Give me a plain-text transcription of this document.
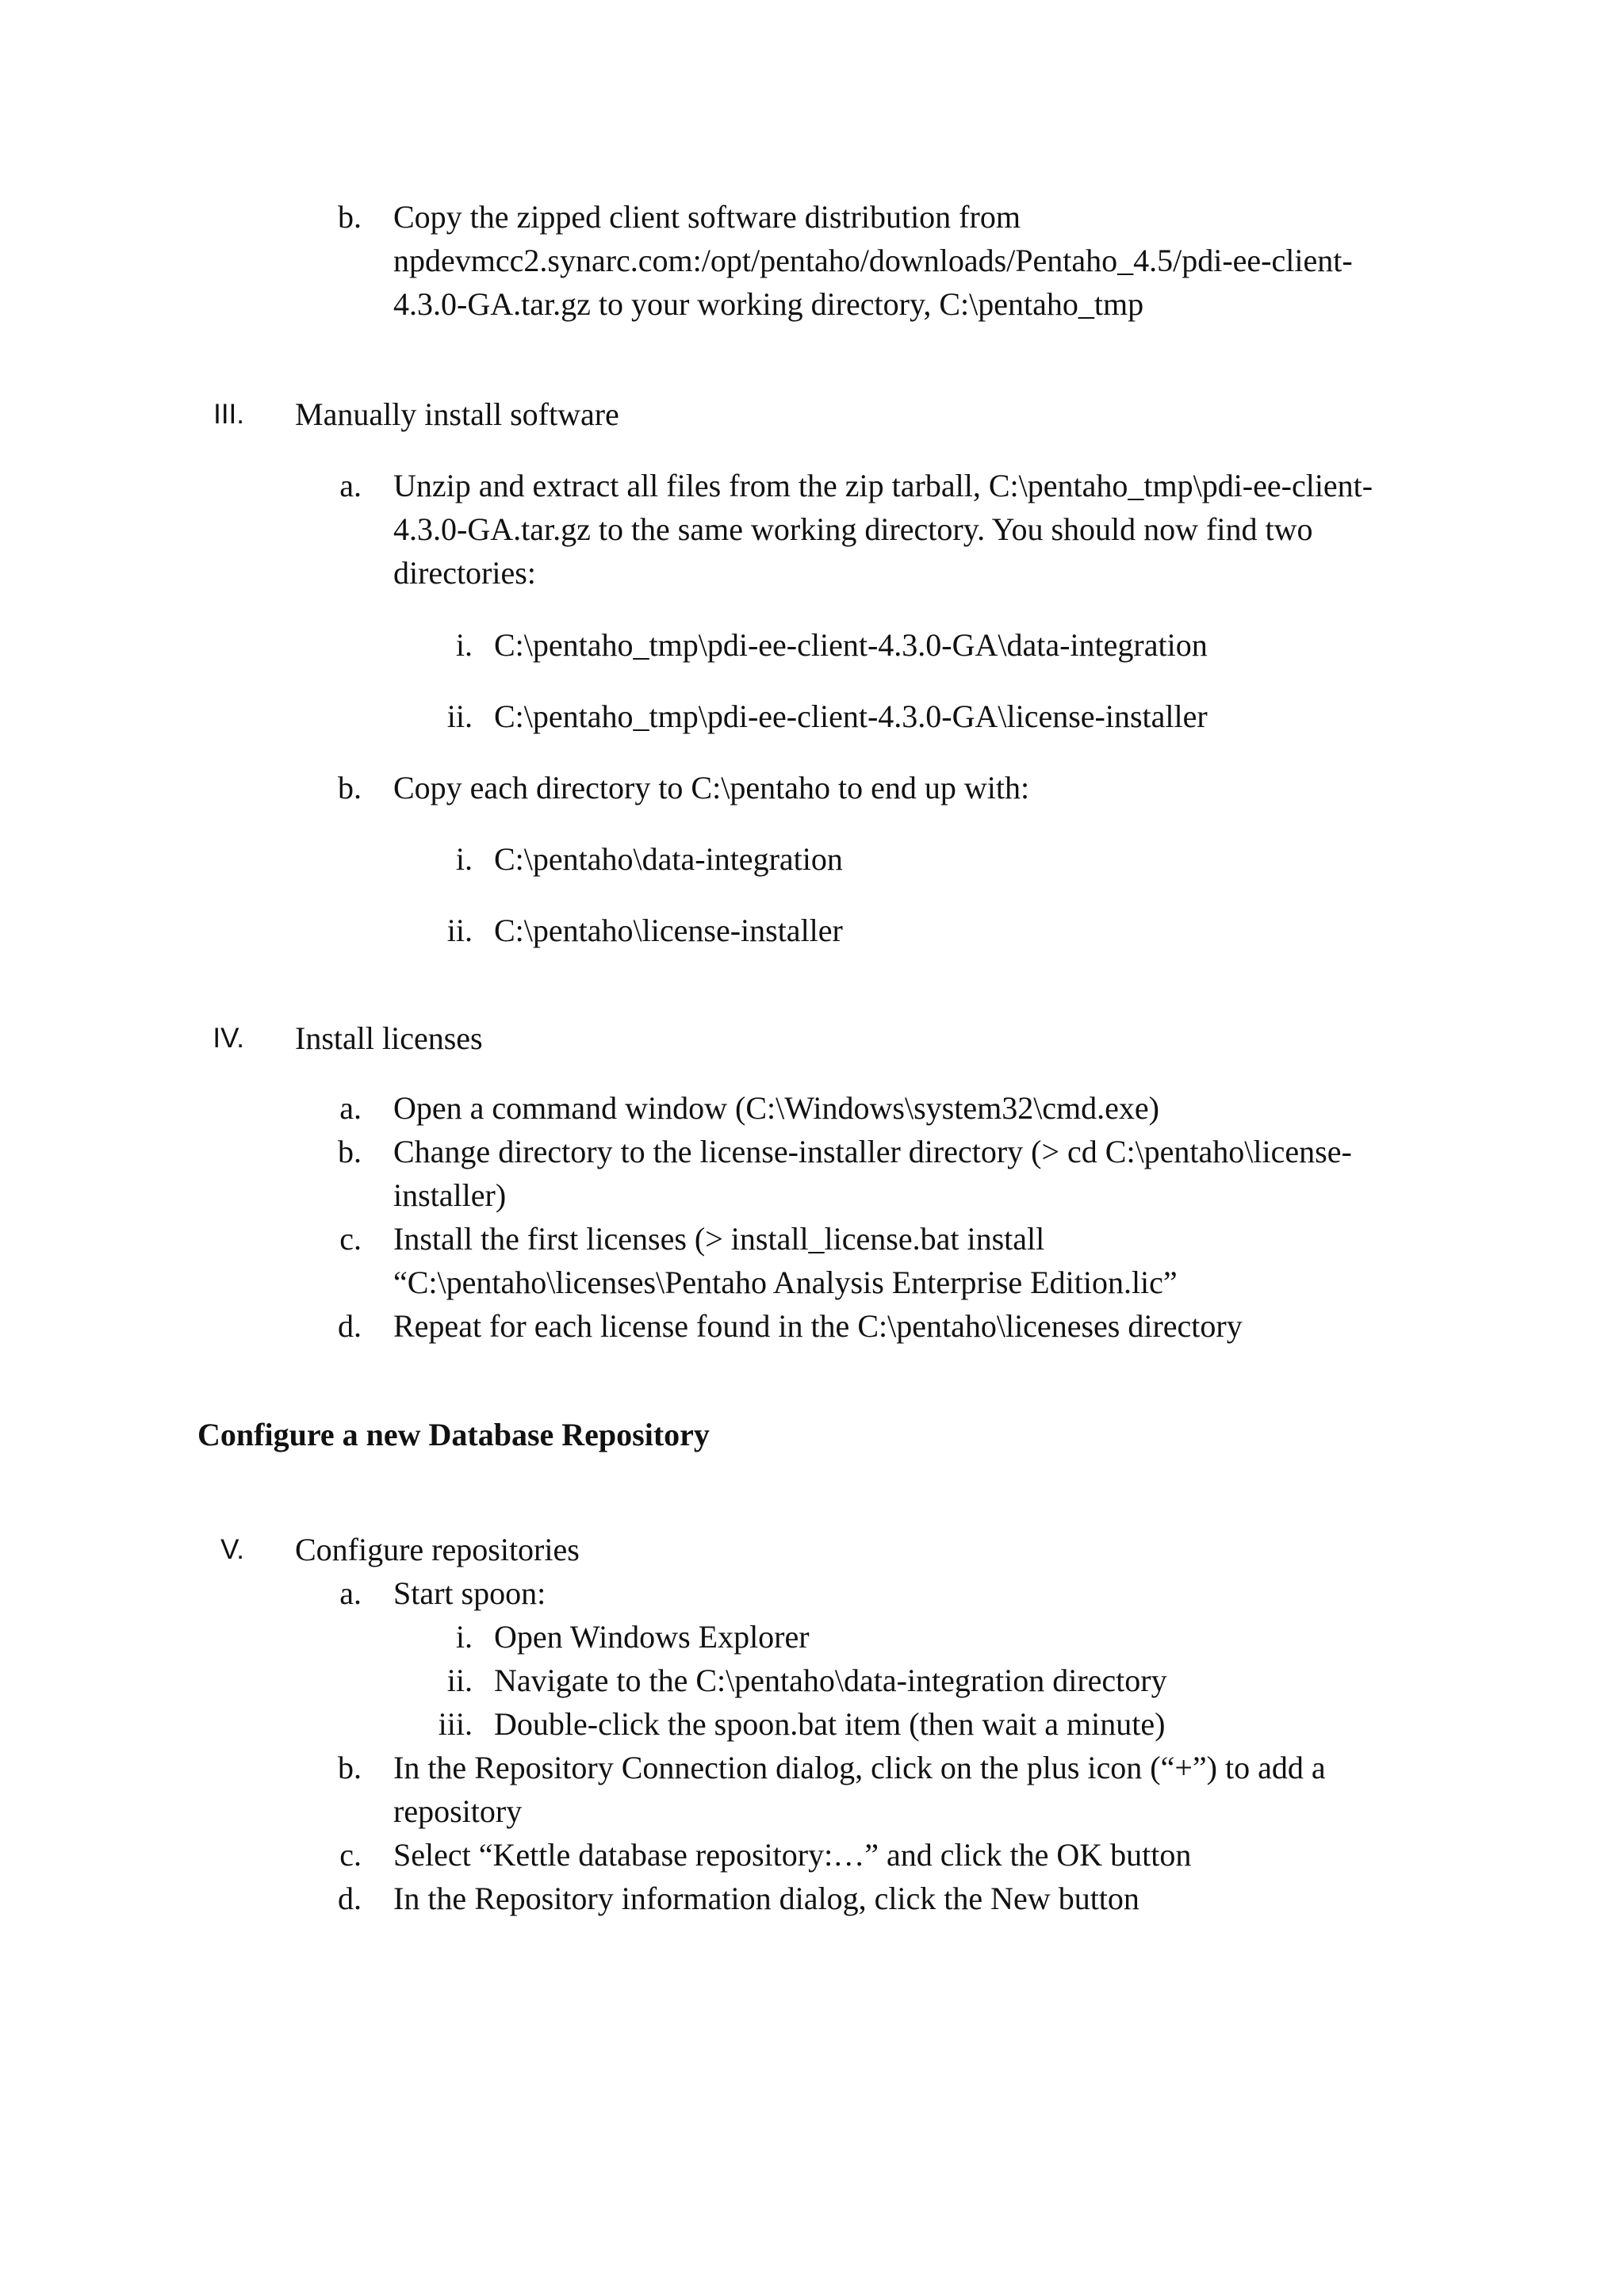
b. Copy the zipped client software distribution from
npdevmcc2.synarc.com:/opt/pentaho/downloads/Pentaho_4.5/pdi-ee-client-
4.3.0-GA.tar.gz to your working directory, C:\pentaho_tmp
III. Manually install software
a. Unzip and extract all files from the zip tarball, C:\pentaho_tmp\pdi-ee-client-
4.3.0-GA.tar.gz to the same working directory. You should now find two
directories:
i. C:\pentaho_tmp\pdi-ee-client-4.3.0-GA\data-integration
ii. C:\pentaho_tmp\pdi-ee-client-4.3.0-GA\license-installer
b. Copy each directory to C:\pentaho to end up with:
i. C:\pentaho\data-integration
ii. C:\pentaho\license-installer
IV. Install licenses
a. Open a command window (C:\Windows\system32\cmd.exe)
b. Change directory to the license-installer directory (> cd C:\pentaho\license-
installer)
c. Install the first licenses (> install_license.bat install
“C:\pentaho\licenses\Pentaho Analysis Enterprise Edition.lic”
d. Repeat for each license found in the C:\pentaho\liceneses directory
Configure a new Database Repository
V. Configure repositories
a. Start spoon:
i. Open Windows Explorer
ii. Navigate to the C:\pentaho\data-integration directory
iii. Double-click the spoon.bat item (then wait a minute)
b. In the Repository Connection dialog, click on the plus icon (“+”) to add a
repository
c. Select “Kettle database repository:…” and click the OK button
d. In the Repository information dialog, click the New button
